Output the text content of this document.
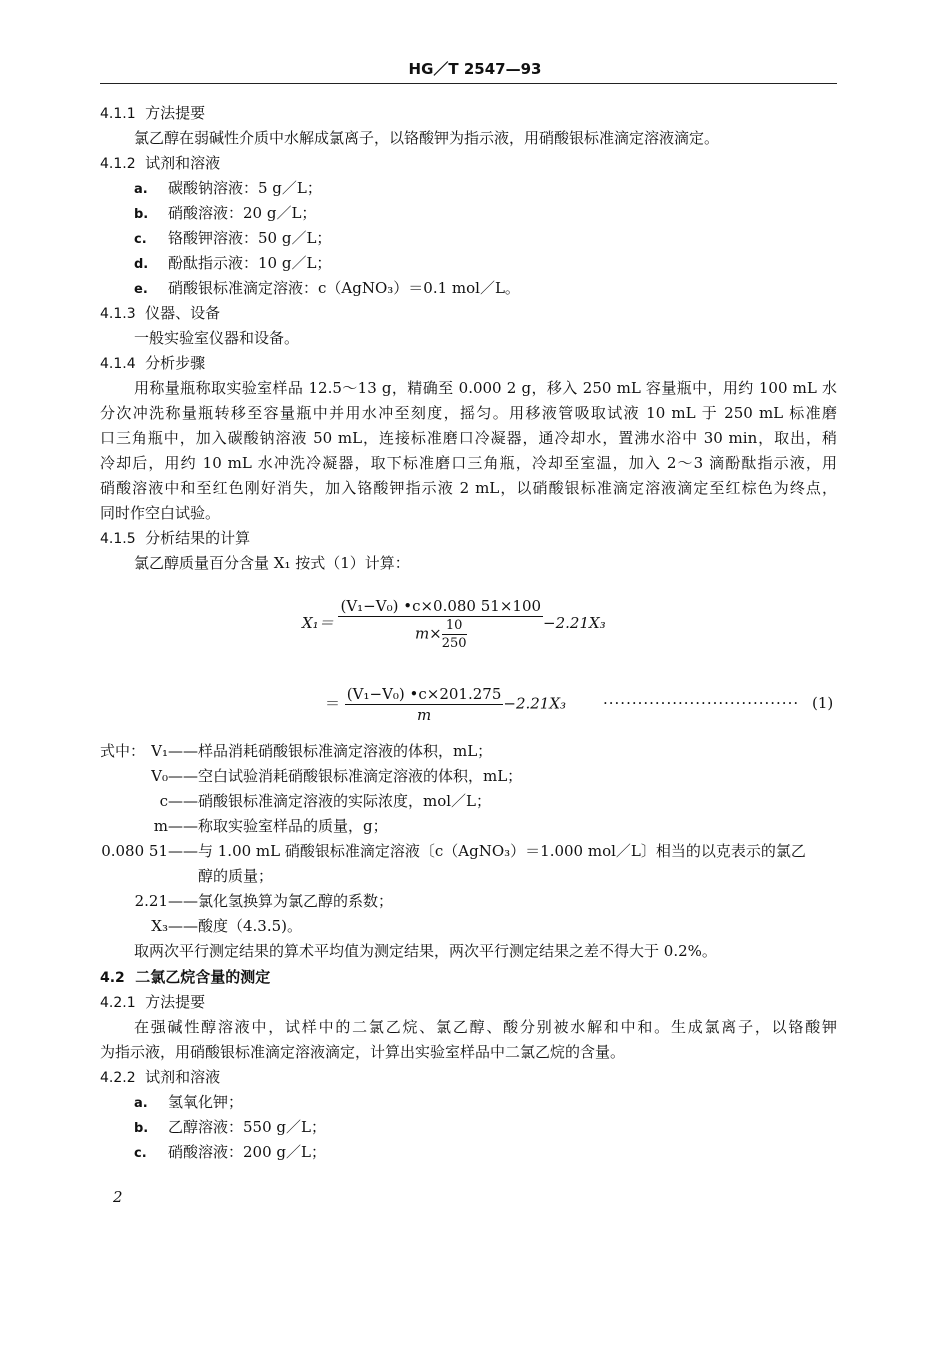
HG／T 2547—93
4.1.1 方法提要
氯乙醇在弱碱性介质中水解成氯离子，以铬酸钾为指示液，用硝酸银标准滴定溶液滴定。
4.1.2 试剂和溶液
a. 碳酸钠溶液：5 g／L；
b. 硝酸溶液：20 g／L；
c. 铬酸钾溶液：50 g／L；
d. 酚酞指示液：10 g／L；
e. 硝酸银标准滴定溶液：c（AgNO₃）＝0.1 mol／L。
4.1.3 仪器、设备
一般实验室仪器和设备。
4.1.4 分析步骤
用称量瓶称取实验室样品 12.5～13 g，精确至 0.000 2 g，移入 250 mL 容量瓶中，用约 100 mL 水
分次冲洗称量瓶转移至容量瓶中并用水冲至刻度，摇匀。用移液管吸取试液 10 mL 于 250 mL 标准磨
口三角瓶中，加入碳酸钠溶液 50 mL，连接标准磨口冷凝器，通冷却水，置沸水浴中 30 min，取出，稍
冷却后，用约 10 mL 水冲洗冷凝器，取下标准磨口三角瓶，冷却至室温，加入 2～3 滴酚酞指示液，用
硝酸溶液中和至红色刚好消失，加入铬酸钾指示液 2 mL，以硝酸银标准滴定溶液滴定至红棕色为终点，
同时作空白试验。
4.1.5 分析结果的计算
氯乙醇质量百分含量 X₁ 按式（1）计算：
$X_1= \frac{\text{(V₁−V₀) •c×0.080 51×100}}{m\times \frac{10}{250}} -2.21X_3$
＝ $\frac{\text{(V₁−V₀) •c×201.275}}{m} -2.21X_3$ ·································· (1)
式中： V₁——样品消耗硝酸银标准滴定溶液的体积，mL；
V₀——空白试验消耗硝酸银标准滴定溶液的体积，mL；
c——硝酸银标准滴定溶液的实际浓度，mol／L；
m——称取实验室样品的质量，g；
0.080 51——与 1.00 mL 硝酸银标准滴定溶液〔c（AgNO₃）＝1.000 mol／L〕相当的以克表示的氯乙
醇的质量；
2.21——氯化氢换算为氯乙醇的系数；
X₃——酸度（4.3.5)。
取两次平行测定结果的算术平均值为测定结果，两次平行测定结果之差不得大于 0.2%。
4.2 二氯乙烷含量的测定
4.2.1 方法提要
在强碱性醇溶液中，试样中的二氯乙烷、氯乙醇、酸分别被水解和中和。生成氯离子，以铬酸钾
为指示液，用硝酸银标准滴定溶液滴定，计算出实验室样品中二氯乙烷的含量。
4.2.2 试剂和溶液
a. 氢氧化钾；
b. 乙醇溶液：550 g／L；
c. 硝酸溶液：200 g／L；
2
